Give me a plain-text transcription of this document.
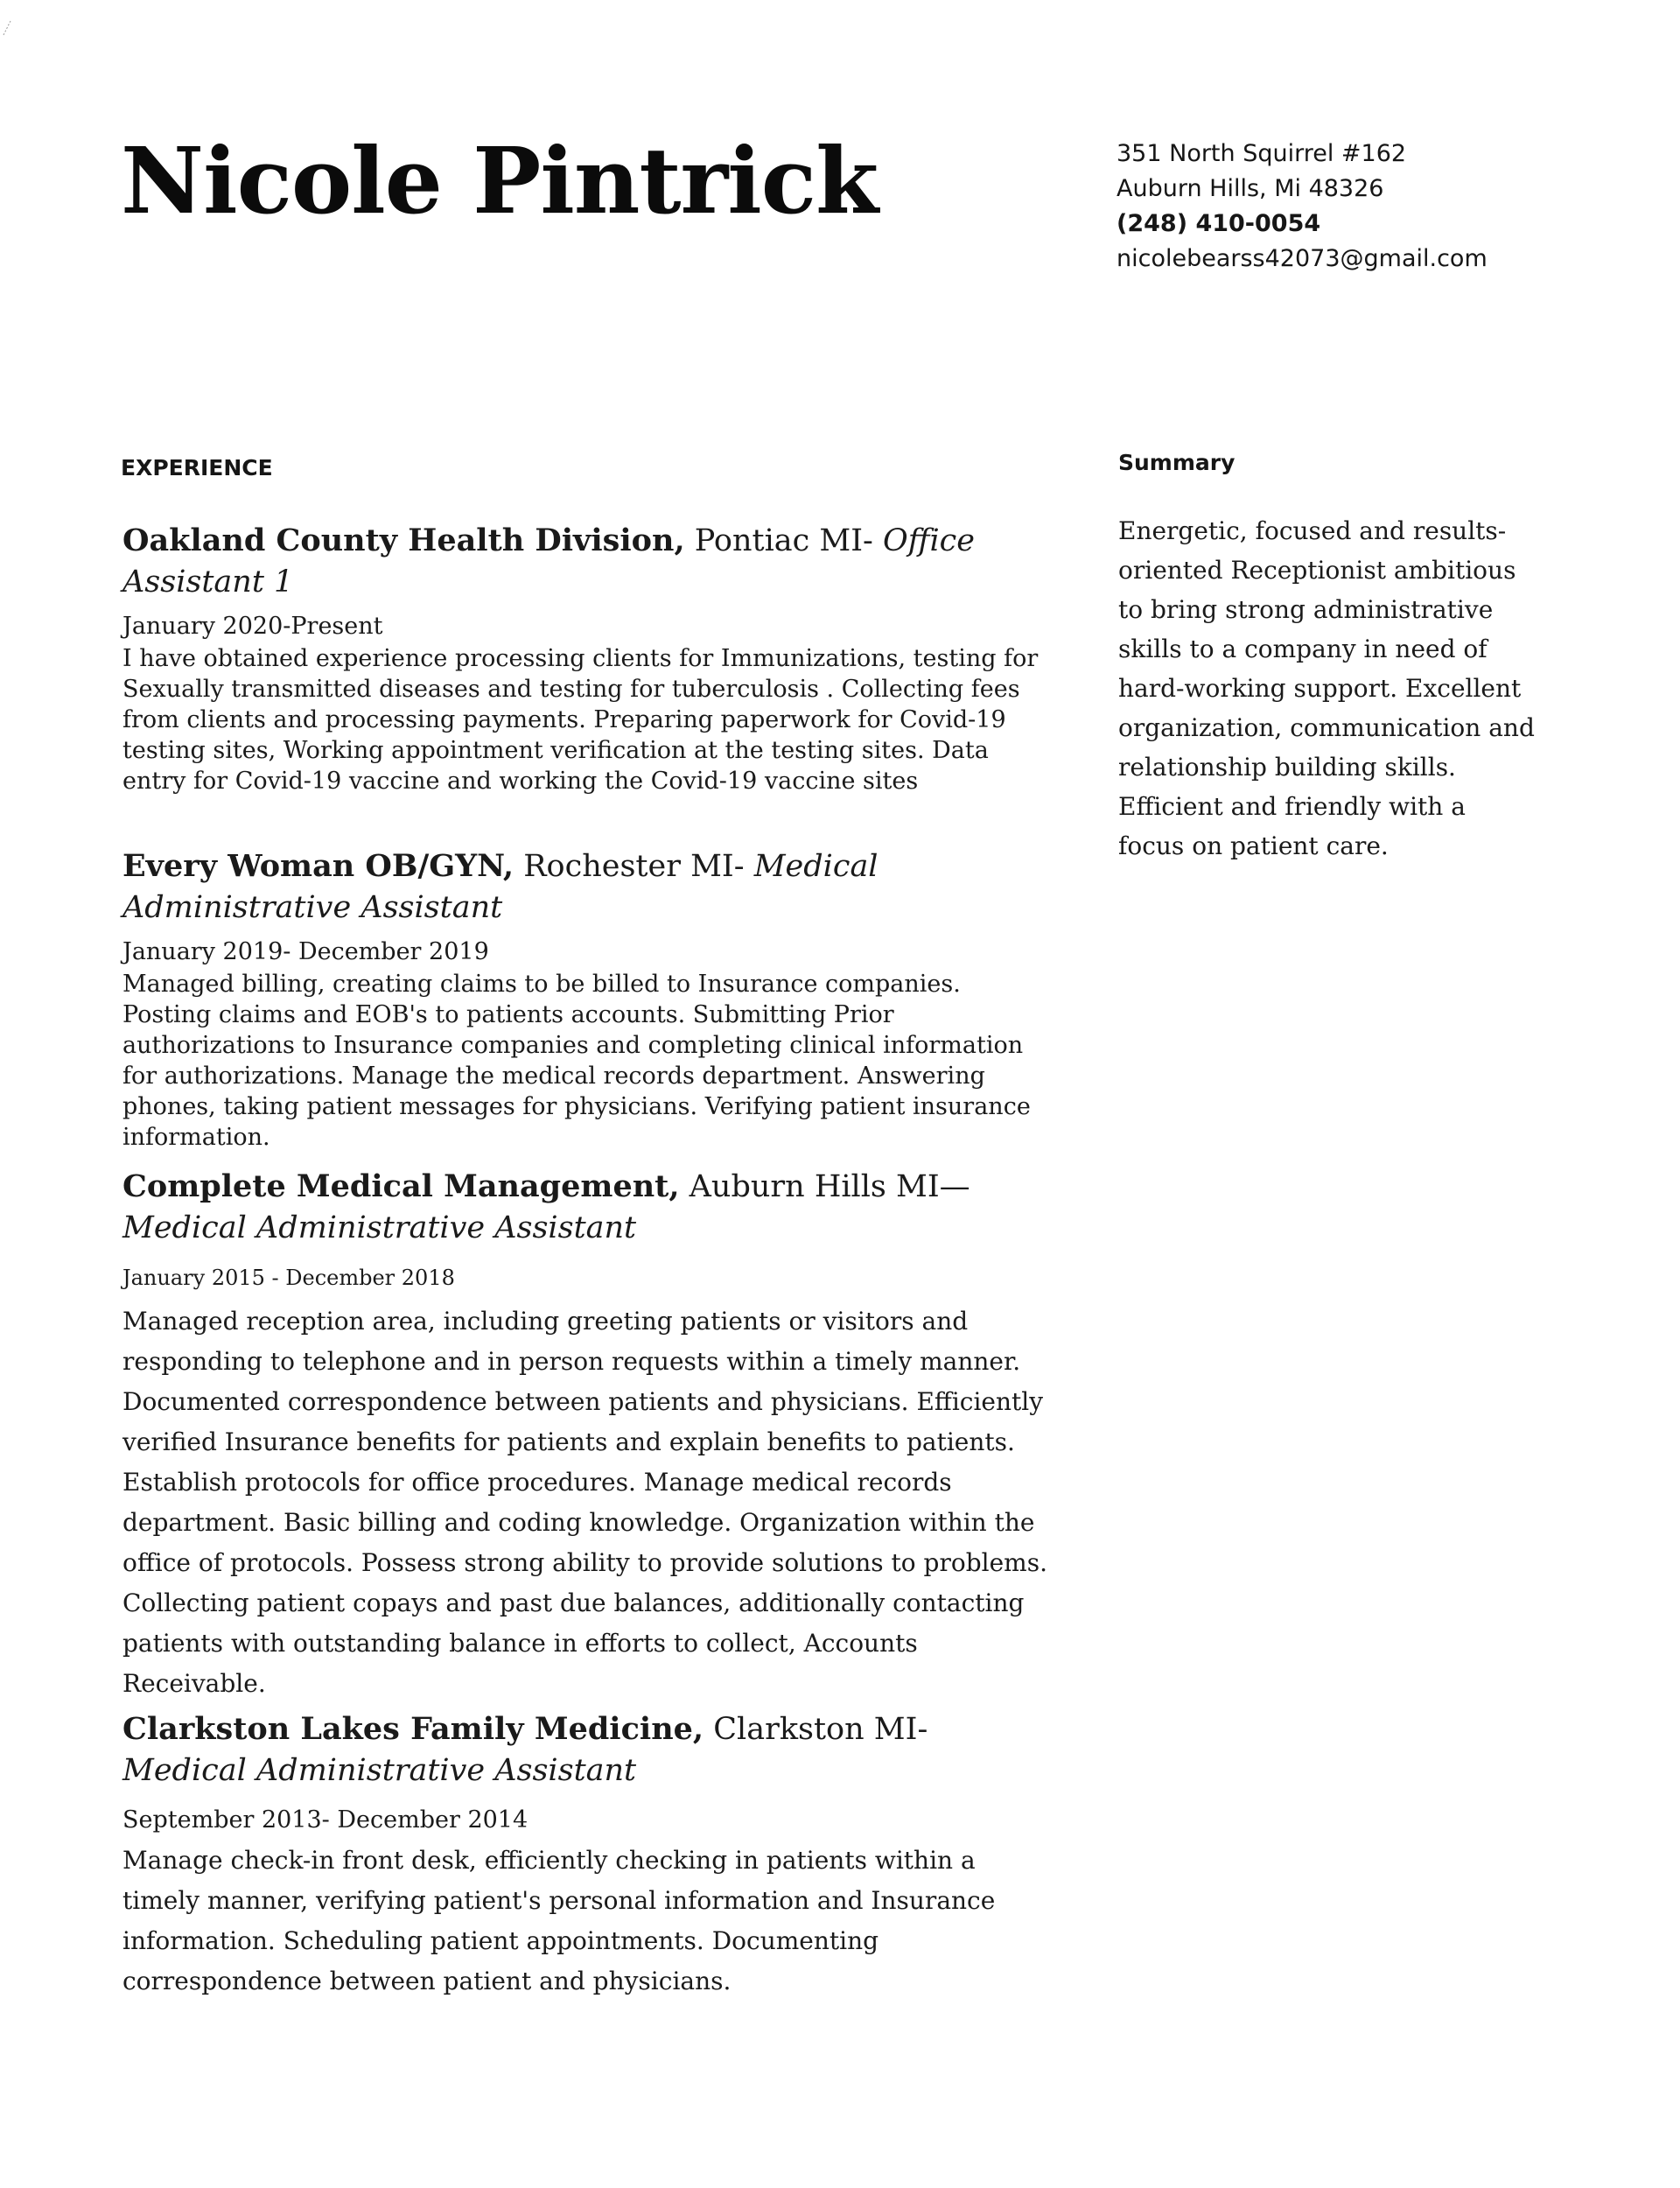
Nicole Pintrick	351 North Squirrel #162
Auburn Hills, Mi 48326
(248) 410-0054
nicolebearss42073@gmail.com
EXPERIENCE	Summary

Oakland County Health Division, Pontiac MI- Office Assistant 1

January 2020-Present
I have obtained experience processing clients for Immunizations, testing for Sexually transmitted diseases and testing for tuberculosis . Collecting fees from clients and processing payments. Preparing paperwork for Covid-19 testing sites, Working appointment verification at the testing sites. Data entry for Covid-19 vaccine and working the Covid-19 vaccine sites

Every Woman OB/GYN, Rochester MI- Medical Administrative Assistant

January 2019- December 2019
Managed billing, creating claims to be billed to Insurance companies. Posting claims and EOB's to patients accounts. Submitting Prior authorizations to Insurance companies and completing clinical information for authorizations. Manage the medical records department. Answering phones, taking patient messages for physicians. Verifying patient insurance information.

Complete Medical Management, Auburn Hills MI— Medical Administrative Assistant

January 2015 - December 2018
Managed reception area, including greeting patients or visitors and responding to telephone and in person requests within a timely manner. Documented correspondence between patients and physicians. Efficiently verified Insurance benefits for patients and explain benefits to patients. Establish protocols for office procedures. Manage medical records department. Basic billing and coding knowledge. Organization within the office of protocols. Possess strong ability to provide solutions to problems. Collecting patient copays and past due balances, additionally contacting patients with outstanding balance in efforts to collect, Accounts Receivable.

Clarkston Lakes Family Medicine, Clarkston MI- Medical Administrative Assistant

September 2013- December 2014
Manage check-in front desk, efficiently checking in patients within a timely manner, verifying patient's personal information and Insurance information. Scheduling patient appointments. Documenting correspondence between patient and physicians.

Energetic, focused and results-oriented Receptionist ambitious to bring strong administrative skills to a company in need of hard-working support. Excellent organization, communication and relationship building skills. Efficient and friendly with a focus on patient care.
